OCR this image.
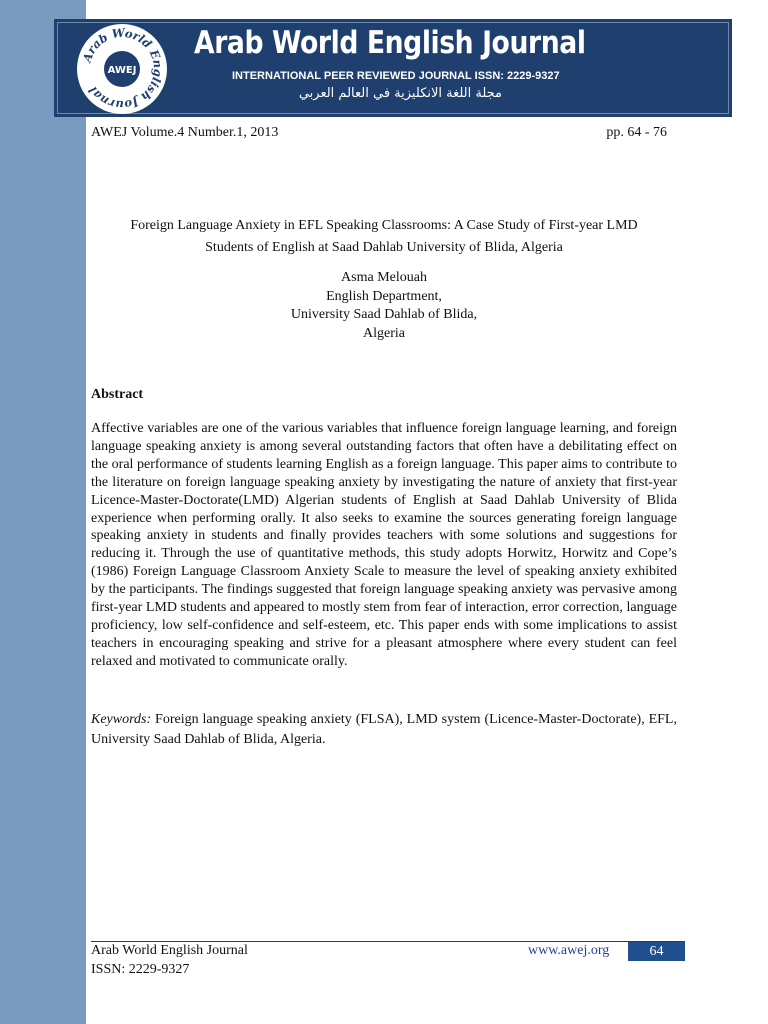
Arab World English Journal
AWEJ
Arab World English Journal
INTERNATIONAL PEER REVIEWED JOURNAL ISSN: 2229-9327
مجلة اللغة الانكليزية في العالم العربي
AWEJ Volume.4 Number.1, 2013	pp. 64 - 76
Foreign Language Anxiety in EFL Speaking Classrooms: A Case Study of First-year LMD
Students of English at Saad Dahlab University of Blida, Algeria
Asma Melouah
English Department,
University Saad Dahlab of Blida,
Algeria
Abstract
Affective variables are one of the various variables that influence foreign language learning, and foreign language speaking anxiety is among several outstanding factors that often have a debilitating effect on the oral performance of students learning English as a foreign language. This paper aims to contribute to the literature on foreign language speaking anxiety by investigating the nature of anxiety that first-year Licence-Master-Doctorate(LMD) Algerian students of English at Saad Dahlab University of Blida experience when performing orally. It also seeks to examine the sources generating foreign language speaking anxiety in students and finally provides teachers with some solutions and suggestions for reducing it. Through the use of quantitative methods, this study adopts Horwitz, Horwitz and Cope’s (1986) Foreign Language Classroom Anxiety Scale to measure the level of speaking anxiety exhibited by the participants. The findings suggested that foreign language speaking anxiety was pervasive among first-year LMD students and appeared to mostly stem from fear of interaction, error correction, language proficiency, low self-confidence and self-esteem, etc. This paper ends with some implications to assist teachers in encouraging speaking and strive for a pleasant atmosphere where every student can feel relaxed and motivated to communicate orally.
Keywords: Foreign language speaking anxiety (FLSA), LMD system (Licence-Master-Doctorate), EFL, University Saad Dahlab of Blida, Algeria.
Arab World English Journal
ISSN: 2229-9327
www.awej.org	64
